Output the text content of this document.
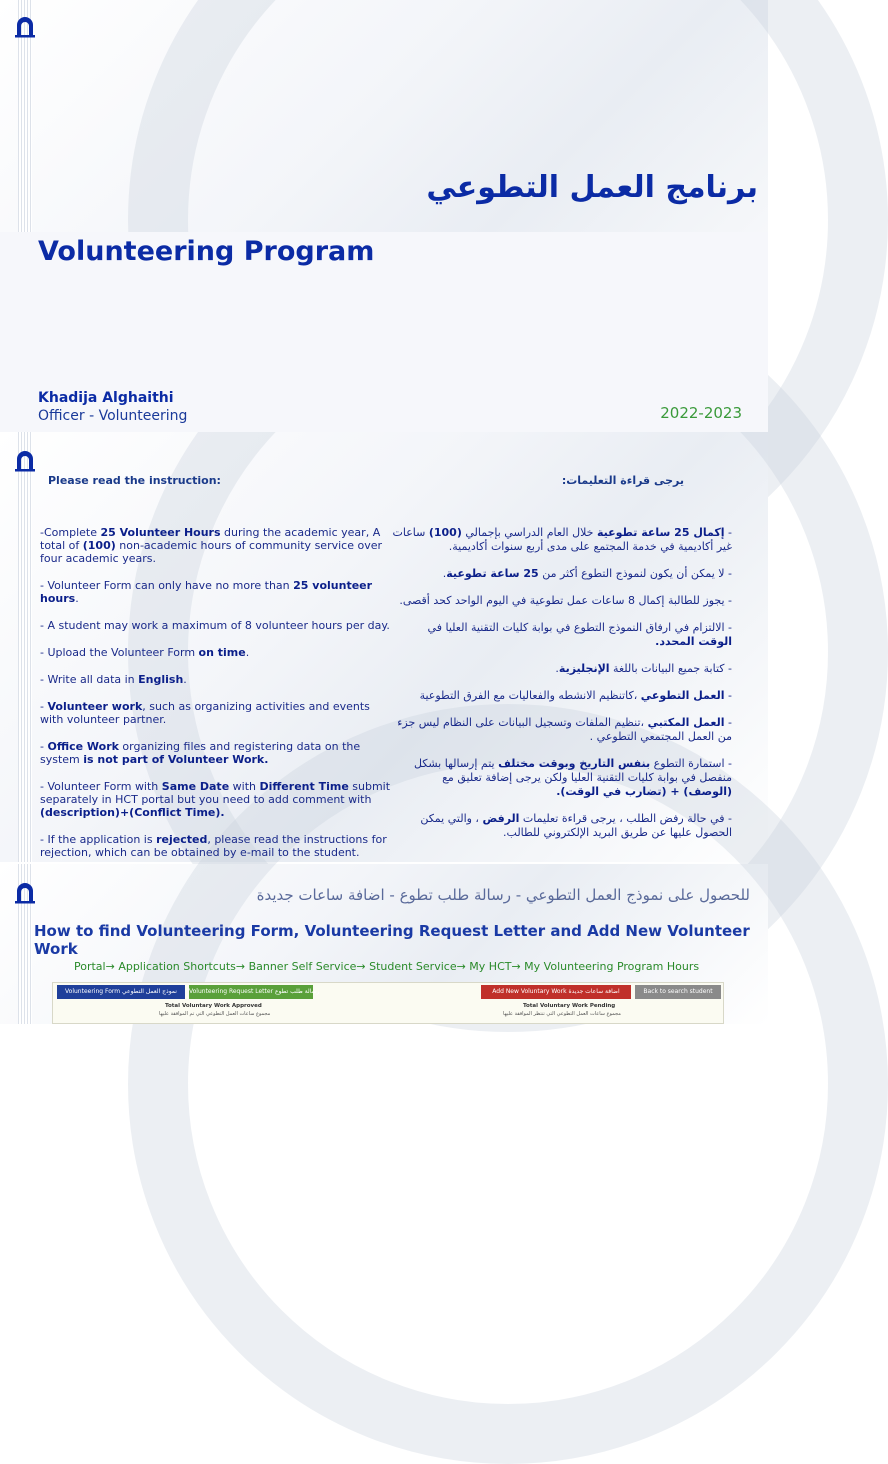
برنامج العمل التطوعي
Volunteering Program
Khadija Alghaithi
Officer - Volunteering	2022-2023
Please read the instruction:	يرجى قراءة التعليمات:

-Complete 25 Volunteer Hours during the academic year, A total of (100) non-academic hours of community service over four academic years.

- Volunteer Form can only have no more than 25 volunteer hours.

- A student may work a maximum of 8 volunteer hours per day.

- Upload the Volunteer Form on time.

- Write all data in English.

- Volunteer work, such as organizing activities and events with volunteer partner.

- Office Work organizing files and registering data on the system is not part of Volunteer Work.

- Volunteer Form with Same Date with Different Time submit separately in HCT portal but you need to add comment with (description)+(Conflict Time).

- If the application is rejected, please read the instructions for rejection, which can be obtained by e-mail to the student.

- إكمال 25 ساعة تطوعية خلال العام الدراسي بإجمالي (100) ساعات غير أكاديمية في خدمة المجتمع على مدى أربع سنوات أكاديمية.

- لا يمكن أن يكون لنموذج التطوع أكثر من 25 ساعة تطوعية.

- يجوز للطالبة إكمال 8 ساعات عمل تطوعية في اليوم الواحد كحد أقصى.

- الالتزام في ارفاق النموذج التطوع في بوابة كليات التقنية العليا في الوقت المحدد.

- كتابة جميع البيانات باللغة الإنجليزية.

- العمل التطوعي ،كاتنظيم الانشطه والفعاليات مع الفرق التطوعية

- العمل المكتبي ،تنظيم الملفات وتسجيل البيانات على النظام ليس جزء من العمل المجتمعي التطوعي .

- استمارة التطوع بنفس التاريخ وبوقت مختلف يتم إرسالها بشكل منفصل في بوابة كليات التقنية العليا ولكن يرجى إضافة تعليق مع (الوصف) + (تضارب في الوقت).

- في حالة رفض الطلب ، يرجى قراءة تعليمات الرفض ، والتي يمكن الحصول عليها عن طريق البريد الإلكتروني للطالب.

للحصول على نموذج العمل التطوعي - رسالة طلب تطوع - اضافة ساعات جديدة
How to find Volunteering Form, Volunteering Request Letter and Add New Volunteer Work
Portal→ Application Shortcuts→ Banner Self Service→ Student Service→ My HCT→ My Volunteering Program Hours
Volunteering Form نموذج العمل التطوعي	Volunteering Request Letter رسالة طلب تطوع	Add New Voluntary Work اضافة ساعات جديدة	Back to search student
Total Voluntary Work Approved
مجموع ساعات العمل التطوعي التي تم الموافقة عليها
Total Voluntary Work Pending
مجموع ساعات العمل التطوعي التي تنتظر الموافقة عليها
